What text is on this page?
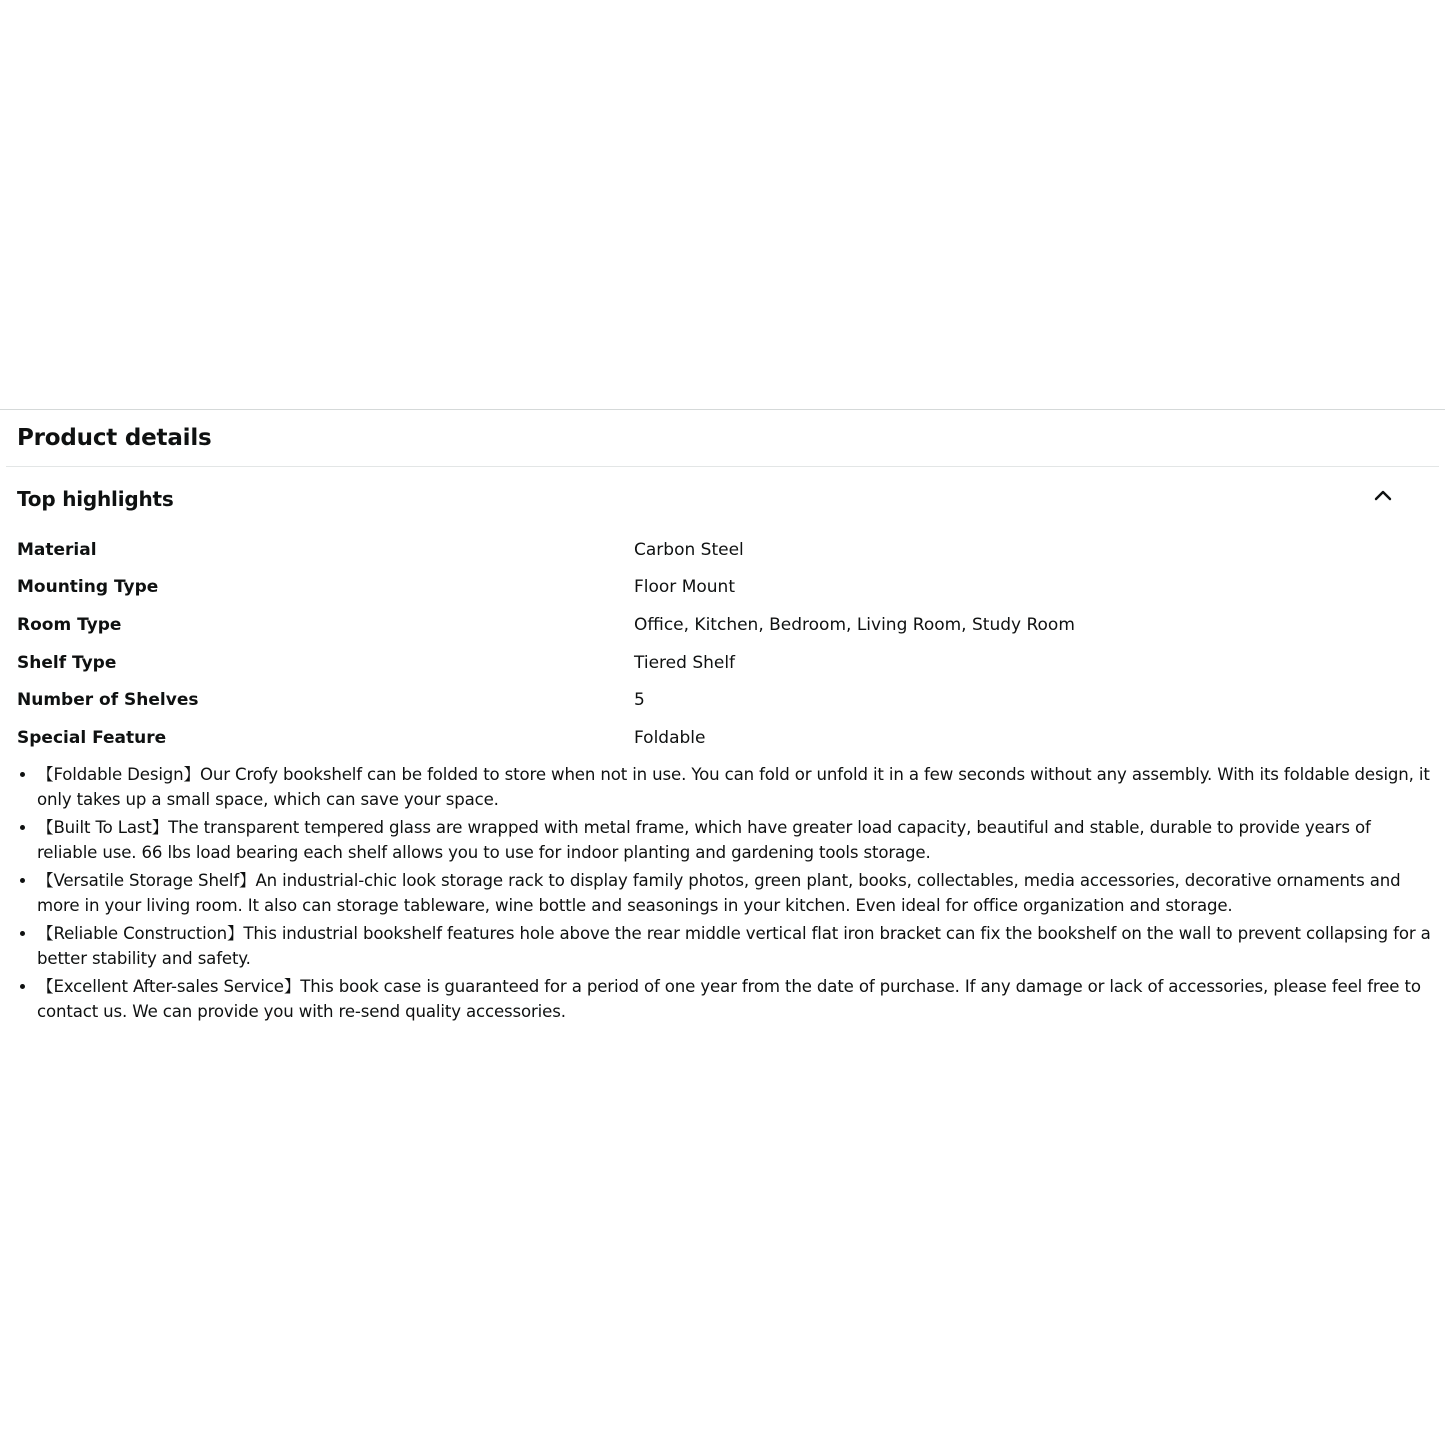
Product details
Top highlights
Material	Carbon Steel
Mounting Type	Floor Mount
Room Type	Office, Kitchen, Bedroom, Living Room, Study Room
Shelf Type	Tiered Shelf
Number of Shelves	5
Special Feature	Foldable
• 【Foldable Design】Our Crofy bookshelf can be folded to store when not in use. You can fold or unfold it in a few seconds without any assembly. With its foldable design, it only takes up a small space, which can save your space.
• 【Built To Last】The transparent tempered glass are wrapped with metal frame, which have greater load capacity, beautiful and stable, durable to provide years of reliable use. 66 lbs load bearing each shelf allows you to use for indoor planting and gardening tools storage.
• 【Versatile Storage Shelf】An industrial-chic look storage rack to display family photos, green plant, books, collectables, media accessories, decorative ornaments and more in your living room. It also can storage tableware, wine bottle and seasonings in your kitchen. Even ideal for office organization and storage.
• 【Reliable Construction】This industrial bookshelf features hole above the rear middle vertical flat iron bracket can fix the bookshelf on the wall to prevent collapsing for a better stability and safety.
• 【Excellent After-sales Service】This book case is guaranteed for a period of one year from the date of purchase. If any damage or lack of accessories, please feel free to contact us. We can provide you with re-send quality accessories.
